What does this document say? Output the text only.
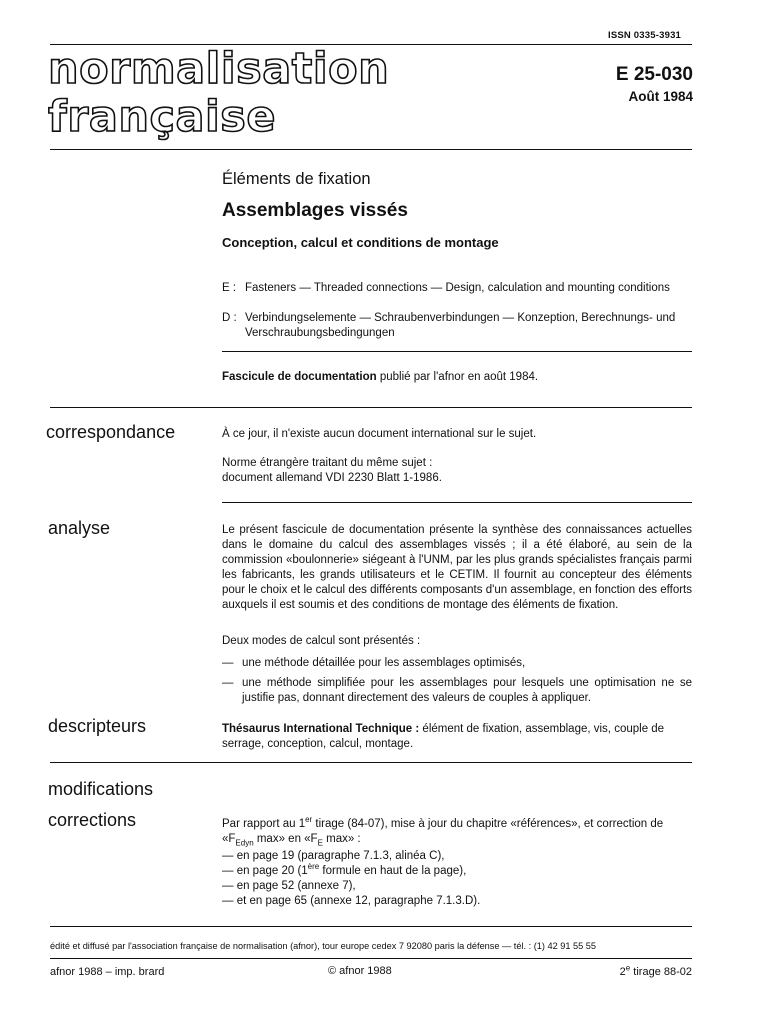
ISSN 0335-3931
normalisation
française
E 25-030
Août 1984
Éléments de fixation
Assemblages vissés
Conception, calcul et conditions de montage
E : Fasteners — Threaded connections — Design, calculation and mounting conditions
D : Verbindungselemente — Schraubenverbindungen — Konzeption, Berechnungs- und Verschraubungsbedingungen
Fascicule de documentation publié par l'afnor en août 1984.
correspondance	À ce jour, il n'existe aucun document international sur le sujet.
Norme étrangère traitant du même sujet : document allemand VDI 2230 Blatt 1-1986.
analyse	Le présent fascicule de documentation présente la synthèse des connaissances actuelles dans le domaine du calcul des assemblages vissés ; il a été élaboré, au sein de la commission «boulonnerie» siégeant à l'UNM, par les plus grands spécialistes français parmi les fabricants, les grands utilisateurs et le CETIM. Il fournit au concepteur des éléments pour le choix et le calcul des différents composants d'un assemblage, en fonction des efforts auxquels il est soumis et des conditions de montage des éléments de fixation.
Deux modes de calcul sont présentés :
— une méthode détaillée pour les assemblages optimisés,
— une méthode simplifiée pour les assemblages pour lesquels une optimisation ne se justifie pas, donnant directement des valeurs de couples à appliquer.
descripteurs	Thésaurus International Technique : élément de fixation, assemblage, vis, couple de serrage, conception, calcul, montage.
modifications
corrections	Par rapport au 1er tirage (84-07), mise à jour du chapitre «références», et correction de «$F_{Edyn}$ max» en «$F_E$ max» :
— en page 19 (paragraphe 7.1.3, alinéa C),
— en page 20 (1ère formule en haut de la page),
— en page 52 (annexe 7),
— et en page 65 (annexe 12, paragraphe 7.1.3.D).
édité et diffusé par l'association française de normalisation (afnor), tour europe cedex 7 92080 paris la défense — tél. : (1) 42 91 55 55
afnor 1988 – imp. brard	© afnor 1988	2e tirage 88-02
